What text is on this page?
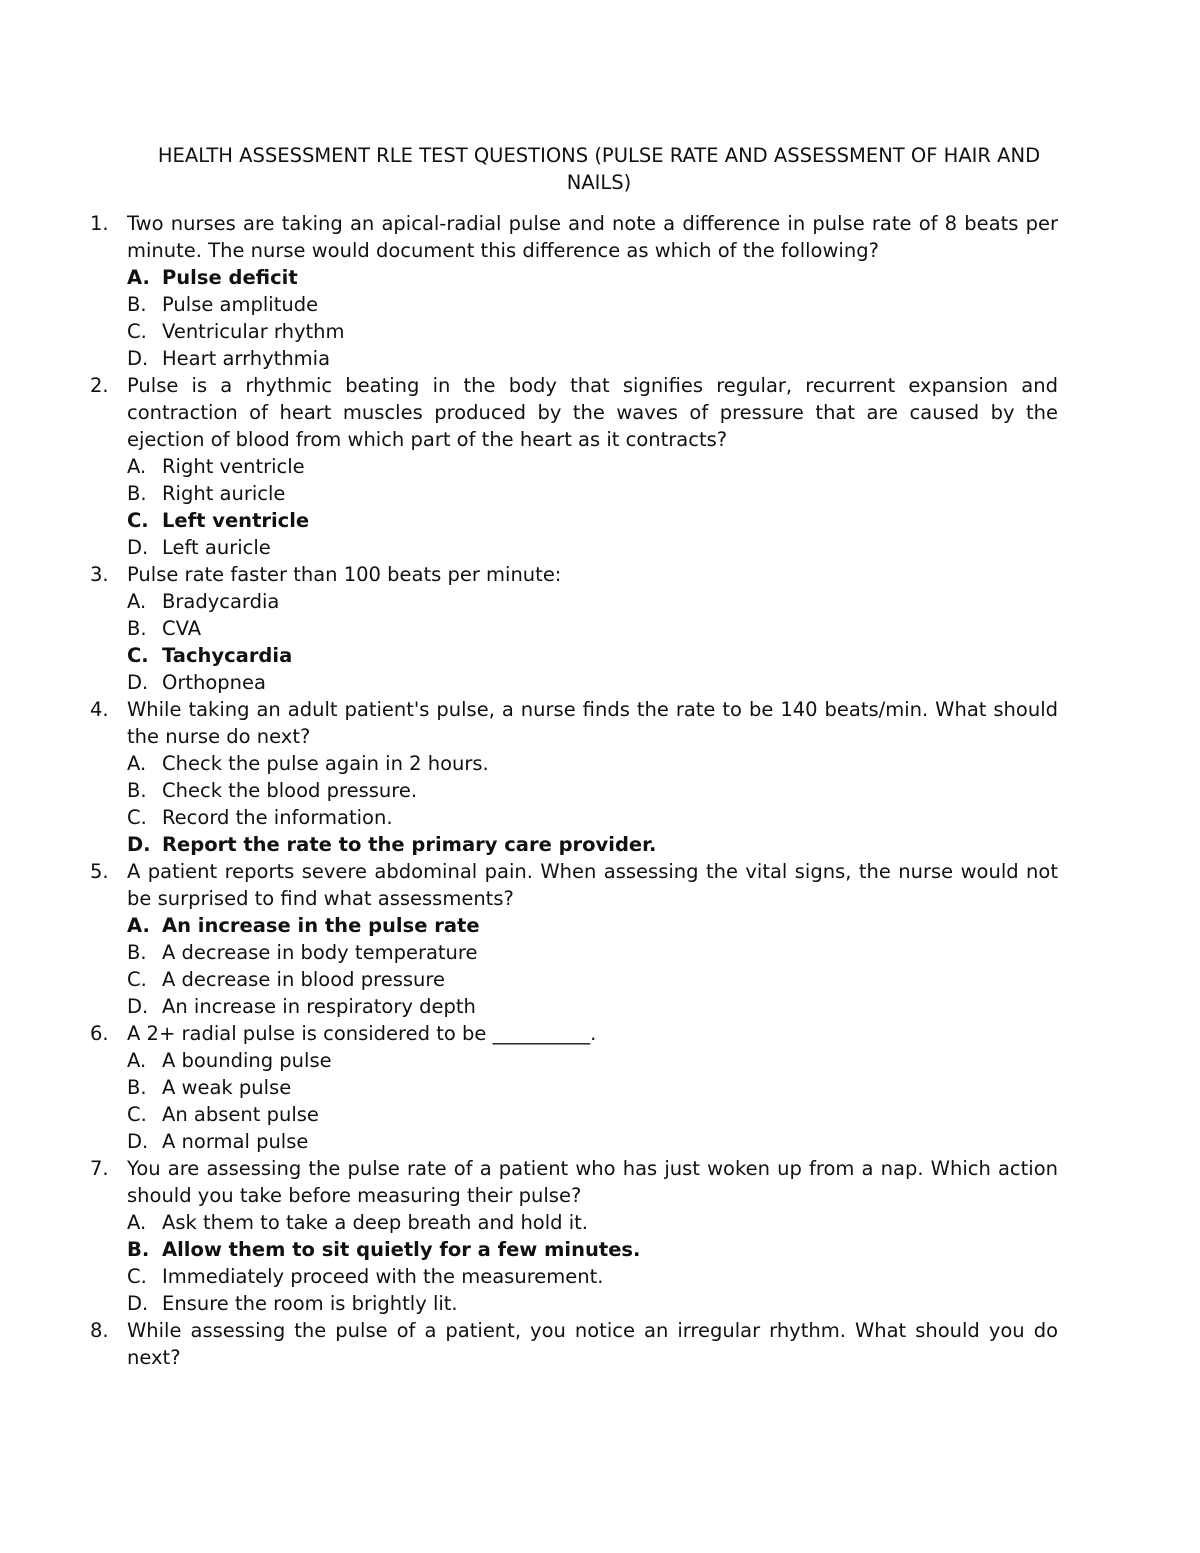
HEALTH ASSESSMENT RLE TEST QUESTIONS (PULSE RATE AND ASSESSMENT OF HAIR AND NAILS)
1. Two nurses are taking an apical-radial pulse and note a difference in pulse rate of 8 beats per minute. The nurse would document this difference as which of the following?
A. Pulse deficit
B. Pulse amplitude
C. Ventricular rhythm
D. Heart arrhythmia
2. Pulse is a rhythmic beating in the body that signifies regular, recurrent expansion and contraction of heart muscles produced by the waves of pressure that are caused by the ejection of blood from which part of the heart as it contracts?
A. Right ventricle
B. Right auricle
C. Left ventricle
D. Left auricle
3. Pulse rate faster than 100 beats per minute:
A. Bradycardia
B. CVA
C. Tachycardia
D. Orthopnea
4. While taking an adult patient's pulse, a nurse finds the rate to be 140 beats/min. What should the nurse do next?
A. Check the pulse again in 2 hours.
B. Check the blood pressure.
C. Record the information.
D. Report the rate to the primary care provider.
5. A patient reports severe abdominal pain. When assessing the vital signs, the nurse would not be surprised to find what assessments?
A. An increase in the pulse rate
B. A decrease in body temperature
C. A decrease in blood pressure
D. An increase in respiratory depth
6. A 2+ radial pulse is considered to be __________.
A. A bounding pulse
B. A weak pulse
C. An absent pulse
D. A normal pulse
7. You are assessing the pulse rate of a patient who has just woken up from a nap. Which action should you take before measuring their pulse?
A. Ask them to take a deep breath and hold it.
B. Allow them to sit quietly for a few minutes.
C. Immediately proceed with the measurement.
D. Ensure the room is brightly lit.
8. While assessing the pulse of a patient, you notice an irregular rhythm. What should you do next?
